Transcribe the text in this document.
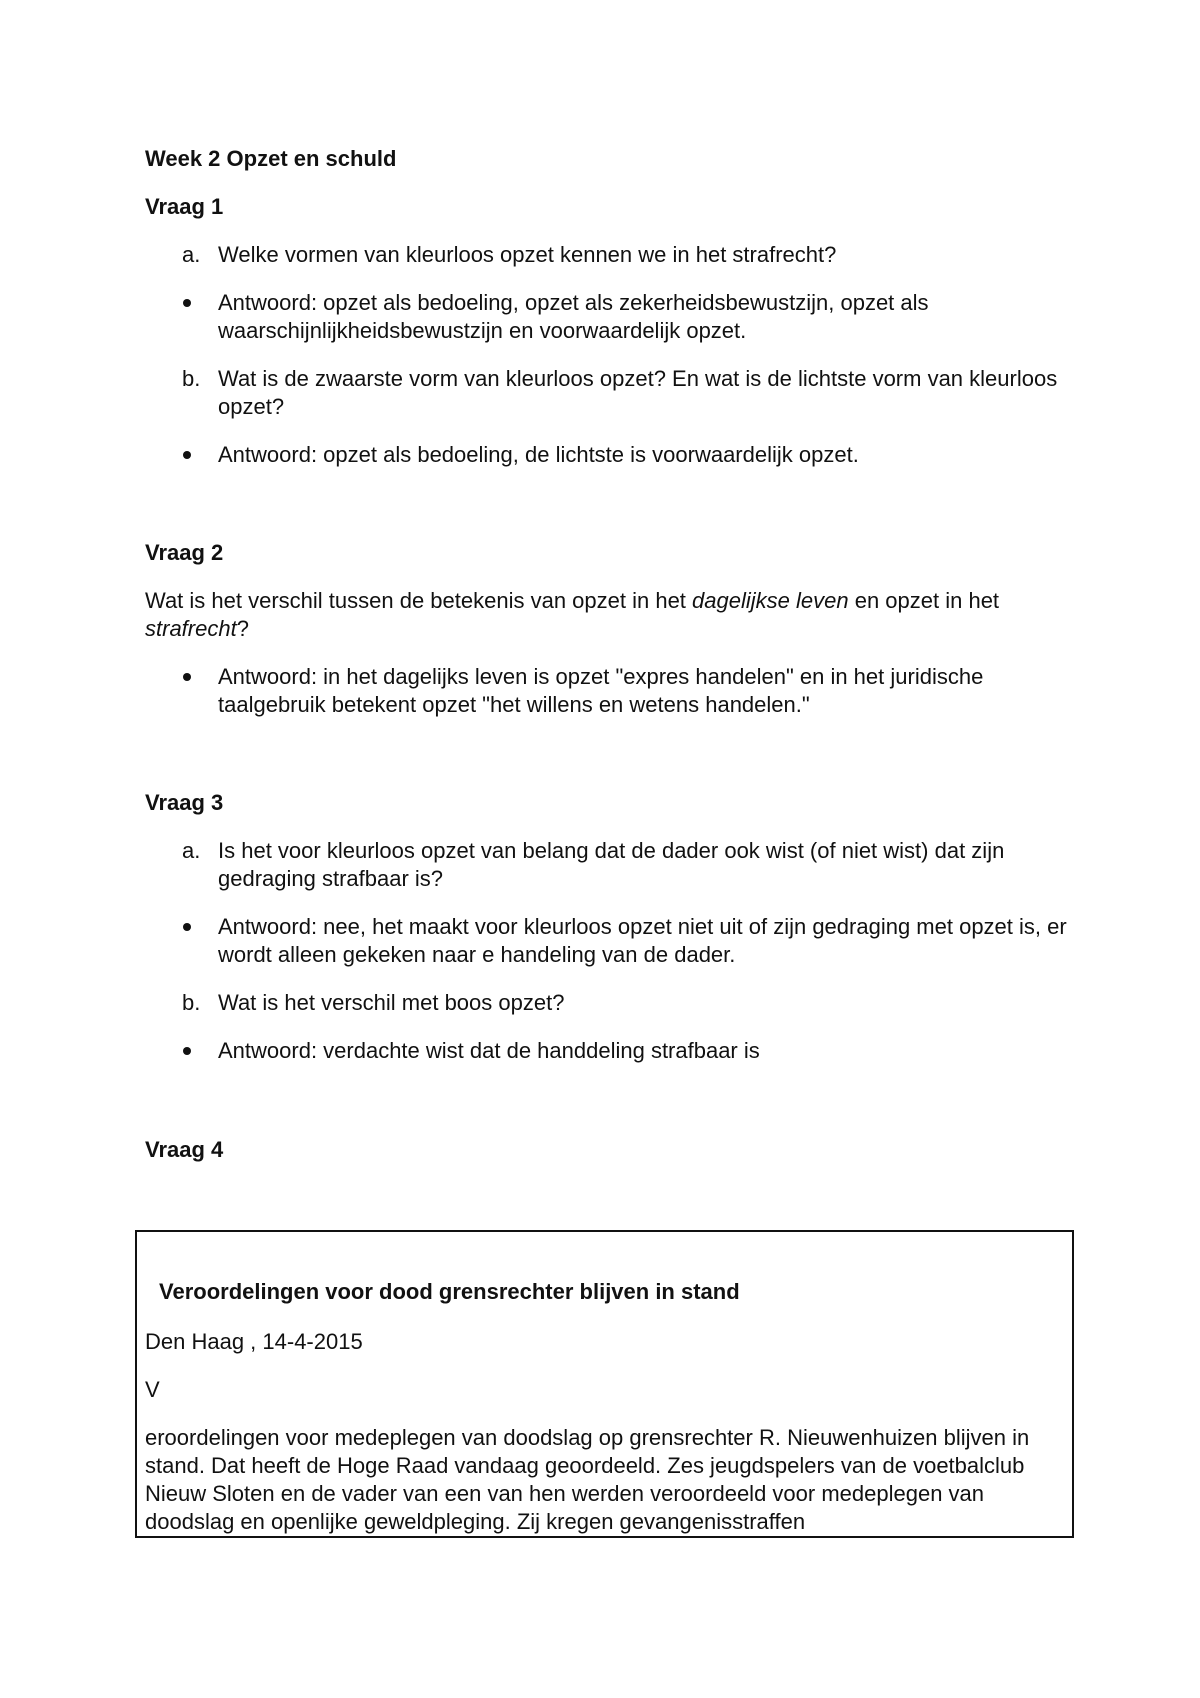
Week 2 Opzet en schuld
Vraag 1
a. Welke vormen van kleurloos opzet kennen we in het strafrecht?
Antwoord: opzet als bedoeling, opzet als zekerheidsbewustzijn, opzet als waarschijnlijkheidsbewustzijn en voorwaardelijk opzet.
b. Wat is de zwaarste vorm van kleurloos opzet? En wat is de lichtste vorm van kleurloos opzet?
Antwoord: opzet als bedoeling, de lichtste is voorwaardelijk opzet.
Vraag 2
Wat is het verschil tussen de betekenis van opzet in het dagelijkse leven en opzet in het strafrecht?
Antwoord: in het dagelijks leven is opzet "expres handelen" en in het juridische taalgebruik betekent opzet "het willens en wetens handelen."
Vraag 3
a. Is het voor kleurloos opzet van belang dat de dader ook wist (of niet wist) dat zijn gedraging strafbaar is?
Antwoord: nee, het maakt voor kleurloos opzet niet uit of zijn gedraging met opzet is, er wordt alleen gekeken naar e handeling van de dader.
b. Wat is het verschil met boos opzet?
Antwoord: verdachte wist dat de handdeling strafbaar is
Vraag 4
Veroordelingen voor dood grensrechter blijven in stand
Den Haag , 14-4-2015
V
eroordelingen voor medeplegen van doodslag op grensrechter R. Nieuwenhuizen blijven in stand. Dat heeft de Hoge Raad vandaag geoordeeld. Zes jeugdspelers van de voetbalclub Nieuw Sloten en de vader van een van hen werden veroordeeld voor medeplegen van doodslag en openlijke geweldpleging. Zij kregen gevangenisstraffen
